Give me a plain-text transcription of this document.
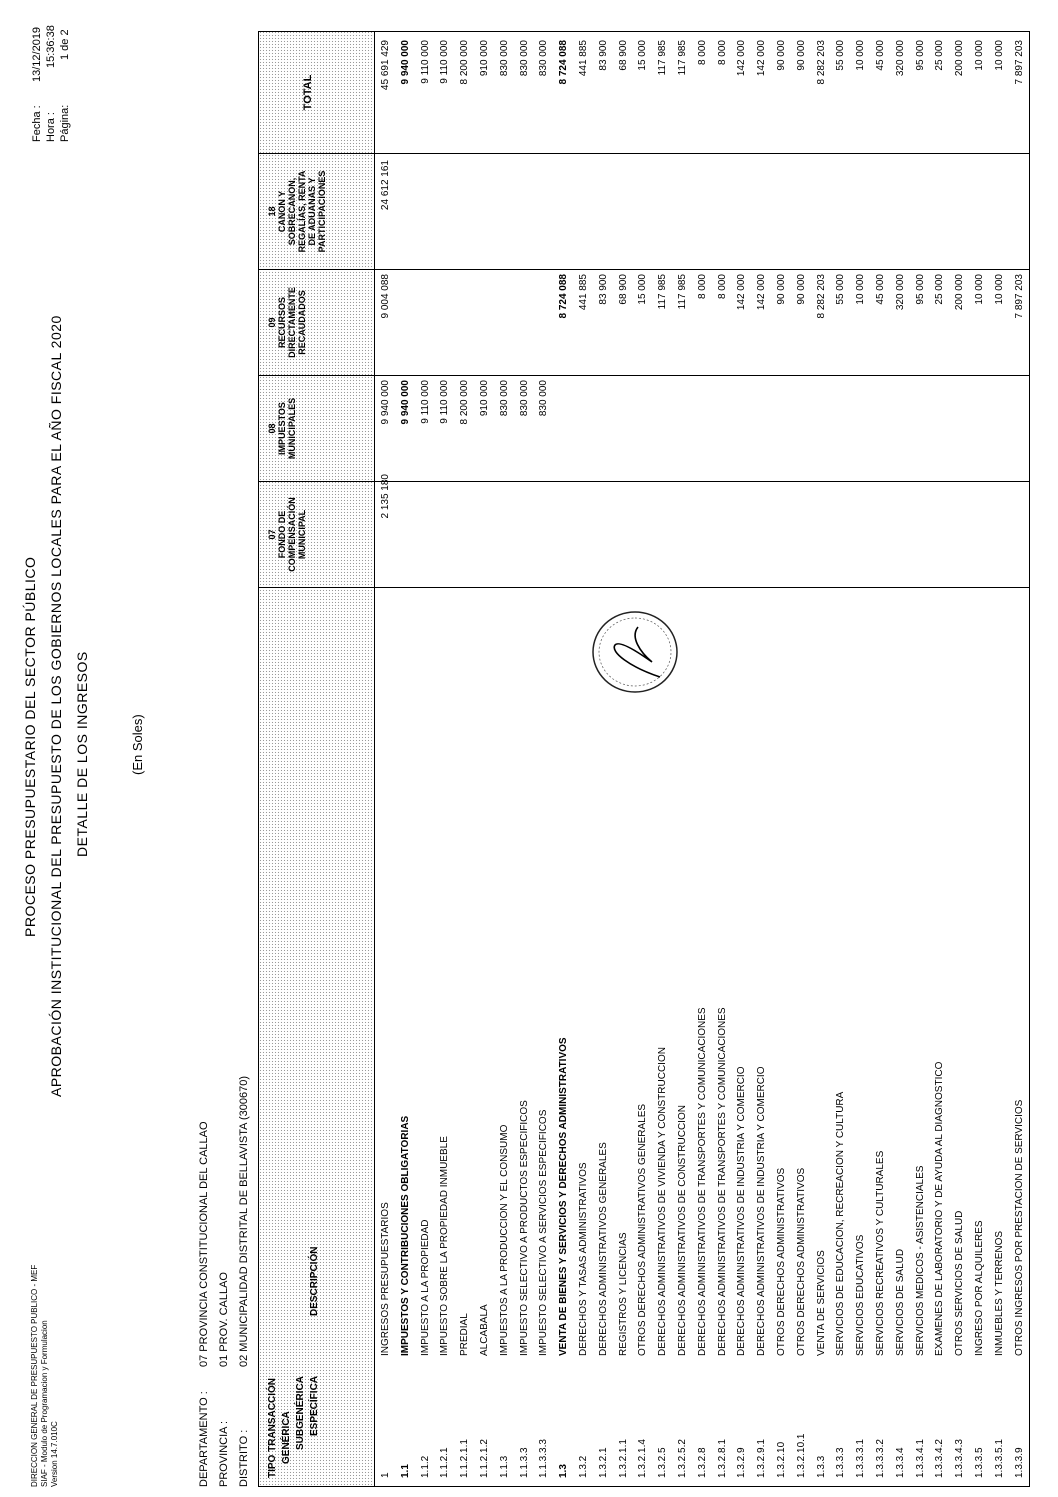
DIRECCION GENERAL DE PRESUPUESTO PUBLICO - MEF SIAF - Modulo de Programacion y Formulacion Version 14.7.010C
PROCESO PRESUPUESTARIO DEL SECTOR PÚBLICO APROBACIÓN INSTITUCIONAL DEL PRESUPUESTO DE LOS GOBIERNOS LOCALES PARA EL AÑO FISCAL 2020 DETALLE DE LOS INGRESOS	(En Soles)
Fecha :
13/12/2019
Hora :
15:36:38
Página:
1 de 2
DEPARTAMENTO :
07 PROVINCIA CONSTITUCIONAL DEL CALLAO
PROVINCIA :
01 PROV. CALLAO
DISTRITO :
02 MUNICIPALIDAD DISTRITAL DE BELLAVISTA (300670)
TIPO TRANSACCIÓN GENÉRICA SUBGENÉRICA ESPECÍFICA
DESCRIPCIÓN
07
FONDO DE
COMPENSACIÓN
MUNICIPAL
08
IMPUESTOS
MUNICIPALES
09
RECURSOS
DIRECTAMENTE
RECAUDADOS
18
CANON Y
SOBRECANON,
REGALÍAS, RENTA
DE ADUANAS Y
PARTICIPACIONES
TOTAL
1
INGRESOS PRESUPUESTARIOS
2 135 180
9 940 000
9 004 088
24 612 161
45 691 429
1.1
IMPUESTOS Y CONTRIBUCIONES OBLIGATORIAS
9 940 000
9 940 000
1.1.2
IMPUESTO A LA PROPIEDAD
9 110 000
9 110 000
1.1.2.1
IMPUESTO SOBRE LA PROPIEDAD INMUEBLE
9 110 000
9 110 000
1.1.2.1.1
PREDIAL
8 200 000
8 200 000
1.1.2.1.2
ALCABALA
910 000
910 000
1.1.3
IMPUESTOS A LA PRODUCCION Y EL CONSUMO
830 000
830 000
1.1.3.3
IMPUESTO SELECTIVO A PRODUCTOS ESPECIFICOS
830 000
830 000
1.1.3.3.3
IMPUESTO SELECTIVO A SERVICIOS ESPECIFICOS
830 000
830 000
1.3
VENTA DE BIENES Y SERVICIOS Y DERECHOS ADMINISTRATIVOS
8 724 088
8 724 088
1.3.2
DERECHOS Y TASAS ADMINISTRATIVOS
441 885
441 885
1.3.2.1
DERECHOS ADMINISTRATIVOS GENERALES
83 900
83 900
1.3.2.1.1
REGISTROS Y LICENCIAS
68 900
68 900
1.3.2.1.4
OTROS DERECHOS ADMINISTRATIVOS GENERALES
15 000
15 000
1.3.2.5
DERECHOS ADMINISTRATIVOS DE VIVIENDA Y CONSTRUCCION
117 985
117 985
1.3.2.5.2
DERECHOS ADMINISTRATIVOS DE CONSTRUCCION
117 985
117 985
1.3.2.8
DERECHOS ADMINISTRATIVOS DE TRANSPORTES Y COMUNICACIONES
8 000
8 000
1.3.2.8.1
DERECHOS ADMINISTRATIVOS DE TRANSPORTES Y COMUNICACIONES
8 000
8 000
1.3.2.9
DERECHOS ADMINISTRATIVOS DE INDUSTRIA Y COMERCIO
142 000
142 000
1.3.2.9.1
DERECHOS ADMINISTRATIVOS DE INDUSTRIA Y COMERCIO
142 000
142 000
1.3.2.10
OTROS DERECHOS ADMINISTRATIVOS
90 000
90 000
1.3.2.10.1
OTROS DERECHOS ADMINISTRATIVOS
90 000
90 000
1.3.3
VENTA DE SERVICIOS
8 282 203
8 282 203
1.3.3.3
SERVICIOS DE EDUCACION, RECREACION Y CULTURA
55 000
55 000
1.3.3.3.1
SERVICIOS EDUCATIVOS
10 000
10 000
1.3.3.3.2
SERVICIOS RECREATIVOS Y CULTURALES
45 000
45 000
1.3.3.4
SERVICIOS DE SALUD
320 000
320 000
1.3.3.4.1
SERVICIOS MEDICOS - ASISTENCIALES
95 000
95 000
1.3.3.4.2
EXAMENES DE LABORATORIO Y DE AYUDA AL DIAGNOSTICO
25 000
25 000
1.3.3.4.3
OTROS SERVICIOS DE SALUD
200 000
200 000
1.3.3.5
INGRESO POR ALQUILERES
10 000
10 000
1.3.3.5.1
INMUEBLES Y TERRENOS
10 000
10 000
1.3.3.9
OTROS INGRESOS POR PRESTACION DE SERVICIOS
7 897 203
7 897 203
